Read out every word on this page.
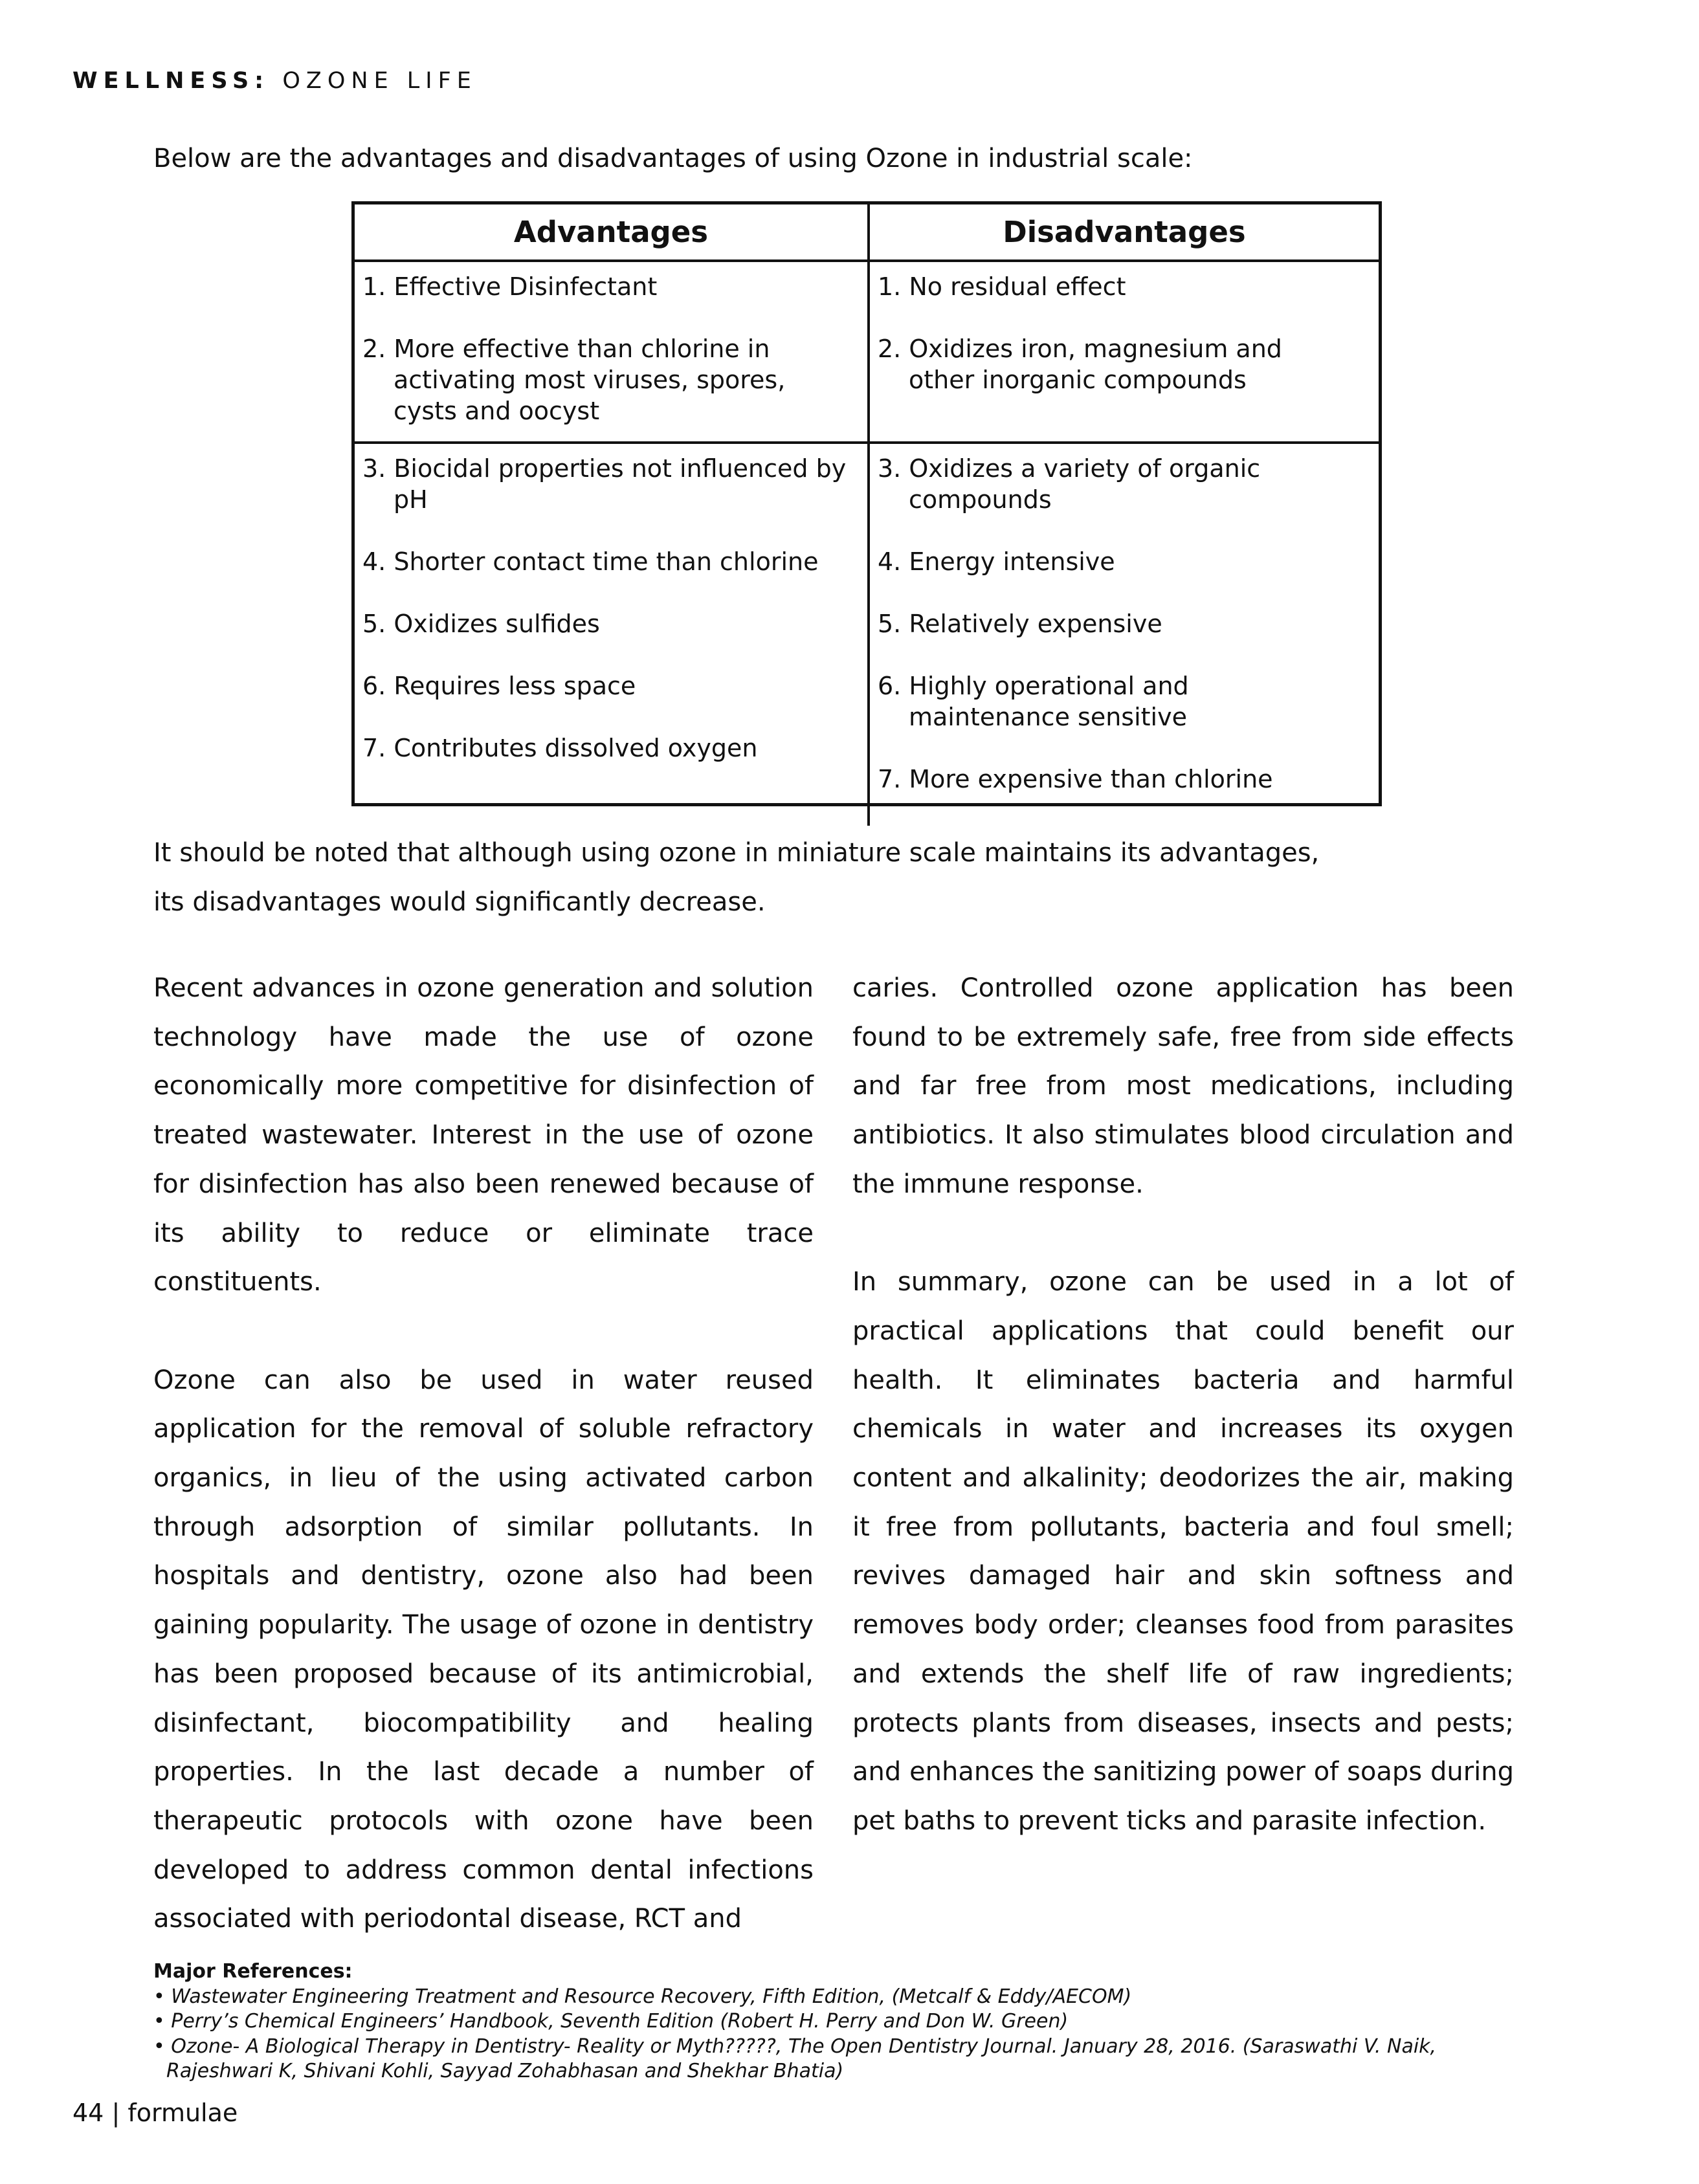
WELLNESS: OZONE LIFE
Below are the advantages and disadvantages of using Ozone in industrial scale:
Advantages	Disadvantages
1. Effective Disinfectant
2. More effective than chlorine in activating most viruses, spores, cysts and oocyst
1. No residual effect
2. Oxidizes iron, magnesium and other inorganic compounds
3. Biocidal properties not influenced by pH
4. Shorter contact time than chlorine
5. Oxidizes sulfides
6. Requires less space
7. Contributes dissolved oxygen
3. Oxidizes a variety of organic compounds
4. Energy intensive
5. Relatively expensive
6. Highly operational and maintenance sensitive
7. More expensive than chlorine
It should be noted that although using ozone in miniature scale maintains its advantages,
its disadvantages would significantly decrease.

Recent advances in ozone generation and solution technology have made the use of ozone economically more competitive for disinfection of treated wastewater. Interest in the use of ozone for disinfection has also been renewed because of its ability to reduce or eliminate trace constituents.

Ozone can also be used in water reused application for the removal of soluble refractory organics, in lieu of the using activated carbon through adsorption of similar pollutants. In hospitals and dentistry, ozone also had been gaining popularity. The usage of ozone in dentistry has been proposed because of its antimicrobial, disinfectant, biocompatibility and healing properties. In the last decade a number of therapeutic protocols with ozone have been developed to address common dental infections associated with periodontal disease, RCT and

caries. Controlled ozone application has been found to be extremely safe, free from side effects and far free from most medications, including antibiotics. It also stimulates blood circulation and the immune response.

In summary, ozone can be used in a lot of practical applications that could benefit our health. It eliminates bacteria and harmful chemicals in water and increases its oxygen content and alkalinity; deodorizes the air, making it free from pollutants, bacteria and foul smell; revives damaged hair and skin softness and removes body order; cleanses food from parasites and extends the shelf life of raw ingredients; protects plants from diseases, insects and pests; and enhances the sanitizing power of soaps during pet baths to prevent ticks and parasite infection.

Major References:
• Wastewater Engineering Treatment and Resource Recovery, Fifth Edition, (Metcalf & Eddy/AECOM)
• Perry’s Chemical Engineers’ Handbook, Seventh Edition (Robert H. Perry and Don W. Green)
• Ozone- A Biological Therapy in Dentistry- Reality or Myth?????, The Open Dentistry Journal. January 28, 2016. (Saraswathi V. Naik, Rajeshwari K, Shivani Kohli, Sayyad Zohabhasan and Shekhar Bhatia)
44 | formulae
